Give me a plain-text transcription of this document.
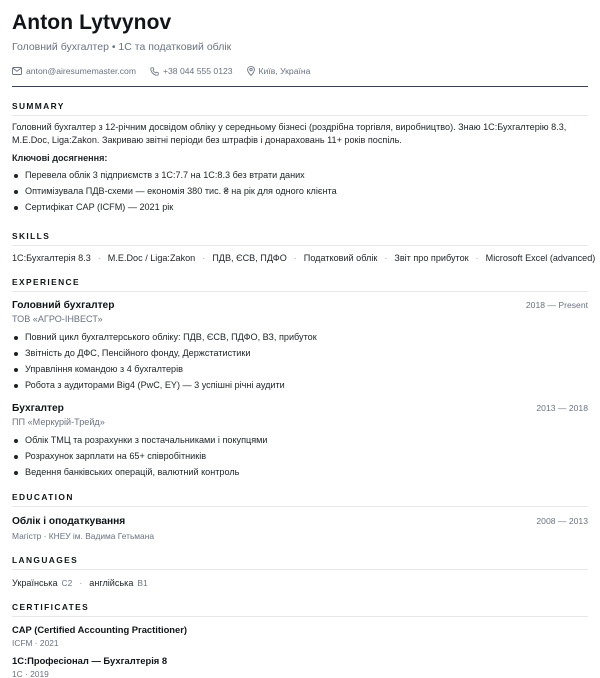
Anton Lytvynov
Головний бухгалтер • 1С та податковий облік
anton@airesumemaster.com	+38 044 555 0123	Київ, Україна
SUMMARY
Головний бухгалтер з 12-річним досвідом обліку у середньому бізнесі (роздрібна торгівля, виробництво). Знаю 1С:Бухгалтерію 8.3, M.E.Doc, Liga:Zakon. Закриваю звітні періоди без штрафів і донараховань 11+ років поспіль.
Ключові досягнення:
Перевела облік 3 підприємств з 1С:7.7 на 1С:8.3 без втрати даних
Оптимізувала ПДВ-схеми — економія 380 тис. ₴ на рік для одного клієнта
Сертифікат CAP (ICFM) — 2021 рік
SKILLS
1С:Бухгалтерія 8.3 · M.E.Doc / Liga:Zakon · ПДВ, ЄСВ, ПДФО · Податковий облік · Звіт про прибуток · Microsoft Excel (advanced)
EXPERIENCE
Головний бухгалтер	2018 — Present
ТОВ «АГРО-ІНВЕСТ»
Повний цикл бухгалтерського обліку: ПДВ, ЄСВ, ПДФО, ВЗ, прибуток
Звітність до ДФС, Пенсійного фонду, Держстатистики
Управління командою з 4 бухгалтерів
Робота з аудиторами Big4 (PwC, EY) — 3 успішні річні аудити
Бухгалтер	2013 — 2018
ПП «Меркурій-Трейд»
Облік ТМЦ та розрахунки з постачальниками і покупцями
Розрахунок зарплати на 65+ співробітників
Ведення банківських операцій, валютний контроль
EDUCATION
Облік і оподаткування	2008 — 2013
Магістр · КНЕУ ім. Вадима Гетьмана
LANGUAGES
Українська C2 · англійська B1
CERTIFICATES
CAP (Certified Accounting Practitioner)
ICFM · 2021
1С:Професіонал — Бухгалтерія 8
1С · 2019
